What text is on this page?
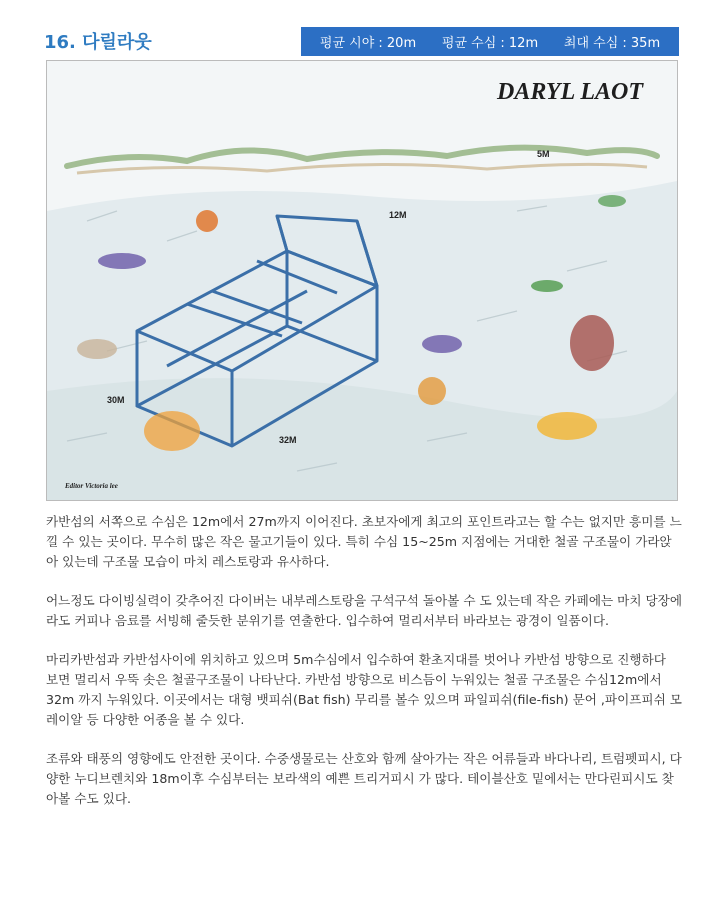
16. 다릴라웃	평균 시야 : 20m 평균 수심 : 12m 최대 수심 : 35m
DARYL LAOT
5M
12M
30M
32M
Editor Victoria lee

카반섬의 서쪽으로 수심은 12m에서 27m까지 이어진다. 초보자에게 최고의 포인트라고는 할 수는 없지만 흥미를 느낄 수 있는 곳이다. 무수히 많은 작은 물고기들이 있다. 특히 수심 15~25m 지점에는 거대한 철골 구조물이 가라앉아 있는데 구조물 모습이 마치 레스토랑과 유사하다.

어느정도 다이빙실력이 갖추어진 다이버는 내부레스토랑을 구석구석 돌아볼 수 도 있는데 작은 카페에는 마치 당장에라도 커피나 음료를 서빙해 줄듯한 분위기를 연출한다. 입수하여 멀리서부터 바라보는 광경이 일품이다.

마리카반섬과 카반섬사이에 위치하고 있으며 5m수심에서 입수하여 환초지대를 벗어나 카반섬 방향으로 진행하다 보면 멀리서 우뚝 솟은 철골구조물이 나타난다. 카반섬 방향으로 비스듬이 누워있는 철골 구조물은 수심12m에서 32m 까지 누워있다. 이곳에서는 대형 뱃피쉬(Bat fish) 무리를 볼수 있으며 파일피쉬(file-fish) 문어 ,파이프피쉬 모레이알 등 다양한 어종을 볼 수 있다.

조류와 태풍의 영향에도 안전한 곳이다. 수중생물로는 산호와 함께 살아가는 작은 어류들과 바다나리, 트럼펫피시, 다양한 누디브렌치와 18m이후 수심부터는 보라색의 예쁜 트리거피시 가 많다. 테이블산호 밑에서는 만다린피시도 찾아볼 수도 있다.
